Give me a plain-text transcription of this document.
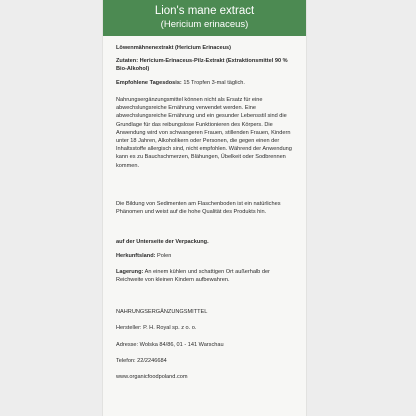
Lion's mane extract
(Hericium erinaceus)
Löwenmähnenextrakt (Hericium Erinaceus)
Zutaten: Hericium-Erinaceus-Pilz-Extrakt (Extraktionsmittel 90 % Bio-Alkohol)
Empfohlene Tagesdosis: 15 Tropfen 3-mal täglich.
Nahrungsergänzungsmittel können nicht als Ersatz für eine abwechslungsreiche Ernährung verwendet werden. Eine abwechslungsreiche Ernährung und ein gesunder Lebensstil sind die Grundlage für das reibungslose Funktionieren des Körpers. Die Anwendung wird von schwangeren Frauen, stillenden Frauen, Kindern unter 18 Jahren, Alkoholikern oder Personen, die gegen einen der Inhaltsstoffe allergisch sind, nicht empfohlen. Während der Anwendung kann es zu Bauchschmerzen, Blähungen, Übelkeit oder Sodbrennen kommen.
Die Bildung von Sedimenten am Flaschenboden ist ein natürliches Phänomen und weist auf die hohe Qualität des Produkts hin.
auf der Unterseite der Verpackung.
Herkunftsland: Polen
Lagerung: An einem kühlen und schattigen Ort außerhalb der Reichweite von kleinen Kindern aufbewahren.
NAHRUNGSERGÄNZUNGSMITTEL
Hersteller: P. H. Royal sp. z o. o.
Adresse: Wolska 84/86, 01 - 141 Warschau
Telefon: 22/2246684
www.organicfoodpoland.com
